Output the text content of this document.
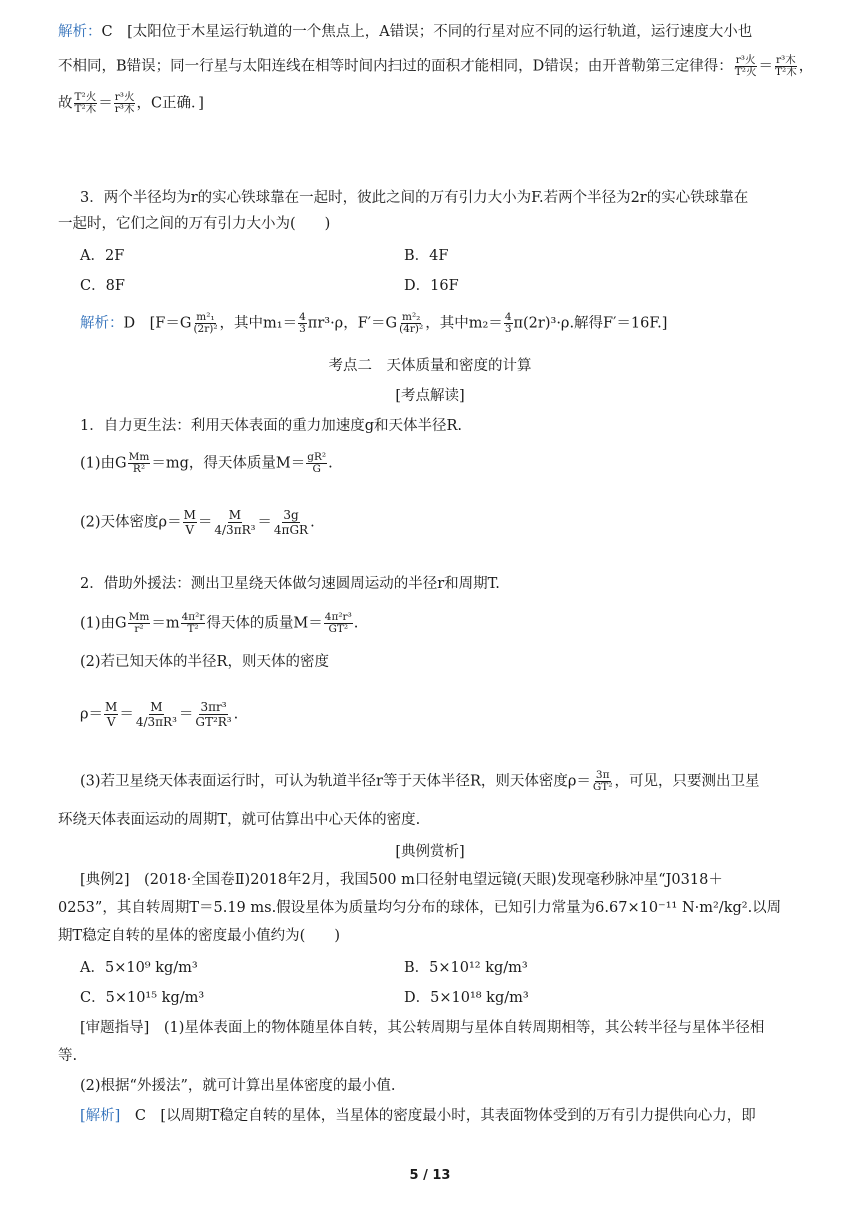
解析：C　[太阳位于木星运行轨道的一个焦点上，A错误；不同的行星对应不同的运行轨道，运行速度大小也
不相同，B错误；同一行星与太阳连线在相等时间内扫过的面积才能相同，D错误；由开普勒第三定律得： $\frac{\text{r³火}}{\text{T²火}} = \frac{\text{r³木}}{\text{T²木}}$ ，
故 $\frac{\text{T²火}}{\text{T²木}} = \frac{\text{r³火}}{\text{r³木}}$ ，C正确．]
3．两个半径均为r的实心铁球靠在一起时，彼此之间的万有引力大小为F.若两个半径为2r的实心铁球靠在
一起时，它们之间的万有引力大小为(　　)
A．2F	B．4F
C．8F	D．16F
解析：D　[$F=G \frac{\text{m²₁}}{\text{(2r)²}}$ ，其中$m_1= \frac{4}{3} \pi r^3\cdot\rho$，$F'=G \frac{\text{m²₂}}{\text{(4r)²}}$ ，其中$m_2= \frac{4}{3} \pi(2r)^3\cdot\rho$.解得F′＝16F.]
考点二　天体质量和密度的计算
[考点解读]
1．自力更生法：利用天体表面的重力加速度g和天体半径R.
(1)由G $\frac{Mm}{\text{R²}} =mg$，得天体质量$M= \frac{\text{gR²}}{G}$ .
(2)天体密度$\rho= \frac{M}{V} = \frac{M}{\text{4/3πR³}} = \frac{3g}{\text{4πGR}}$ .
2．借助外援法：测出卫星绕天体做匀速圆周运动的半径r和周期T.
(1)由G $\frac{Mm}{\text{r²}} =m \frac{\text{4π²r}}{\text{T²}}$ 得天体的质量$M= \frac{\text{4π²r³}}{\text{GT²}}$ .
(2)若已知天体的半径R，则天体的密度
$\rho= \frac{M}{V} = \frac{M}{\text{4/3πR³}} = \frac{\text{3πr³}}{\text{GT²R³}}$ .
(3)若卫星绕天体表面运行时，可认为轨道半径r等于天体半径R，则天体密度$\rho= \frac{3\pi}{\text{GT²}}$ ，可见，只要测出卫星
环绕天体表面运动的周期T，就可估算出中心天体的密度.
[典例赏析]
[典例2]　(2018·全国卷Ⅱ)2018年2月，我国500 m口径射电望远镜(天眼)发现毫秒脉冲星“J0318＋
0253”，其自转周期T＝5.19 ms.假设星体为质量均匀分布的球体，已知引力常量为6.67×10⁻¹¹ N·m²/kg².以周
期T稳定自转的星体的密度最小值约为(　　)
A．5×10⁹ kg/m³	B．5×10¹² kg/m³
C．5×10¹⁵ kg/m³	D．5×10¹⁸ kg/m³
[审题指导]　(1)星体表面上的物体随星体自转，其公转周期与星体自转周期相等，其公转半径与星体半径相
等.
(2)根据“外援法”，就可计算出星体密度的最小值.
[解析]　C　[以周期T稳定自转的星体，当星体的密度最小时，其表面物体受到的万有引力提供向心力，即
5 / 13
